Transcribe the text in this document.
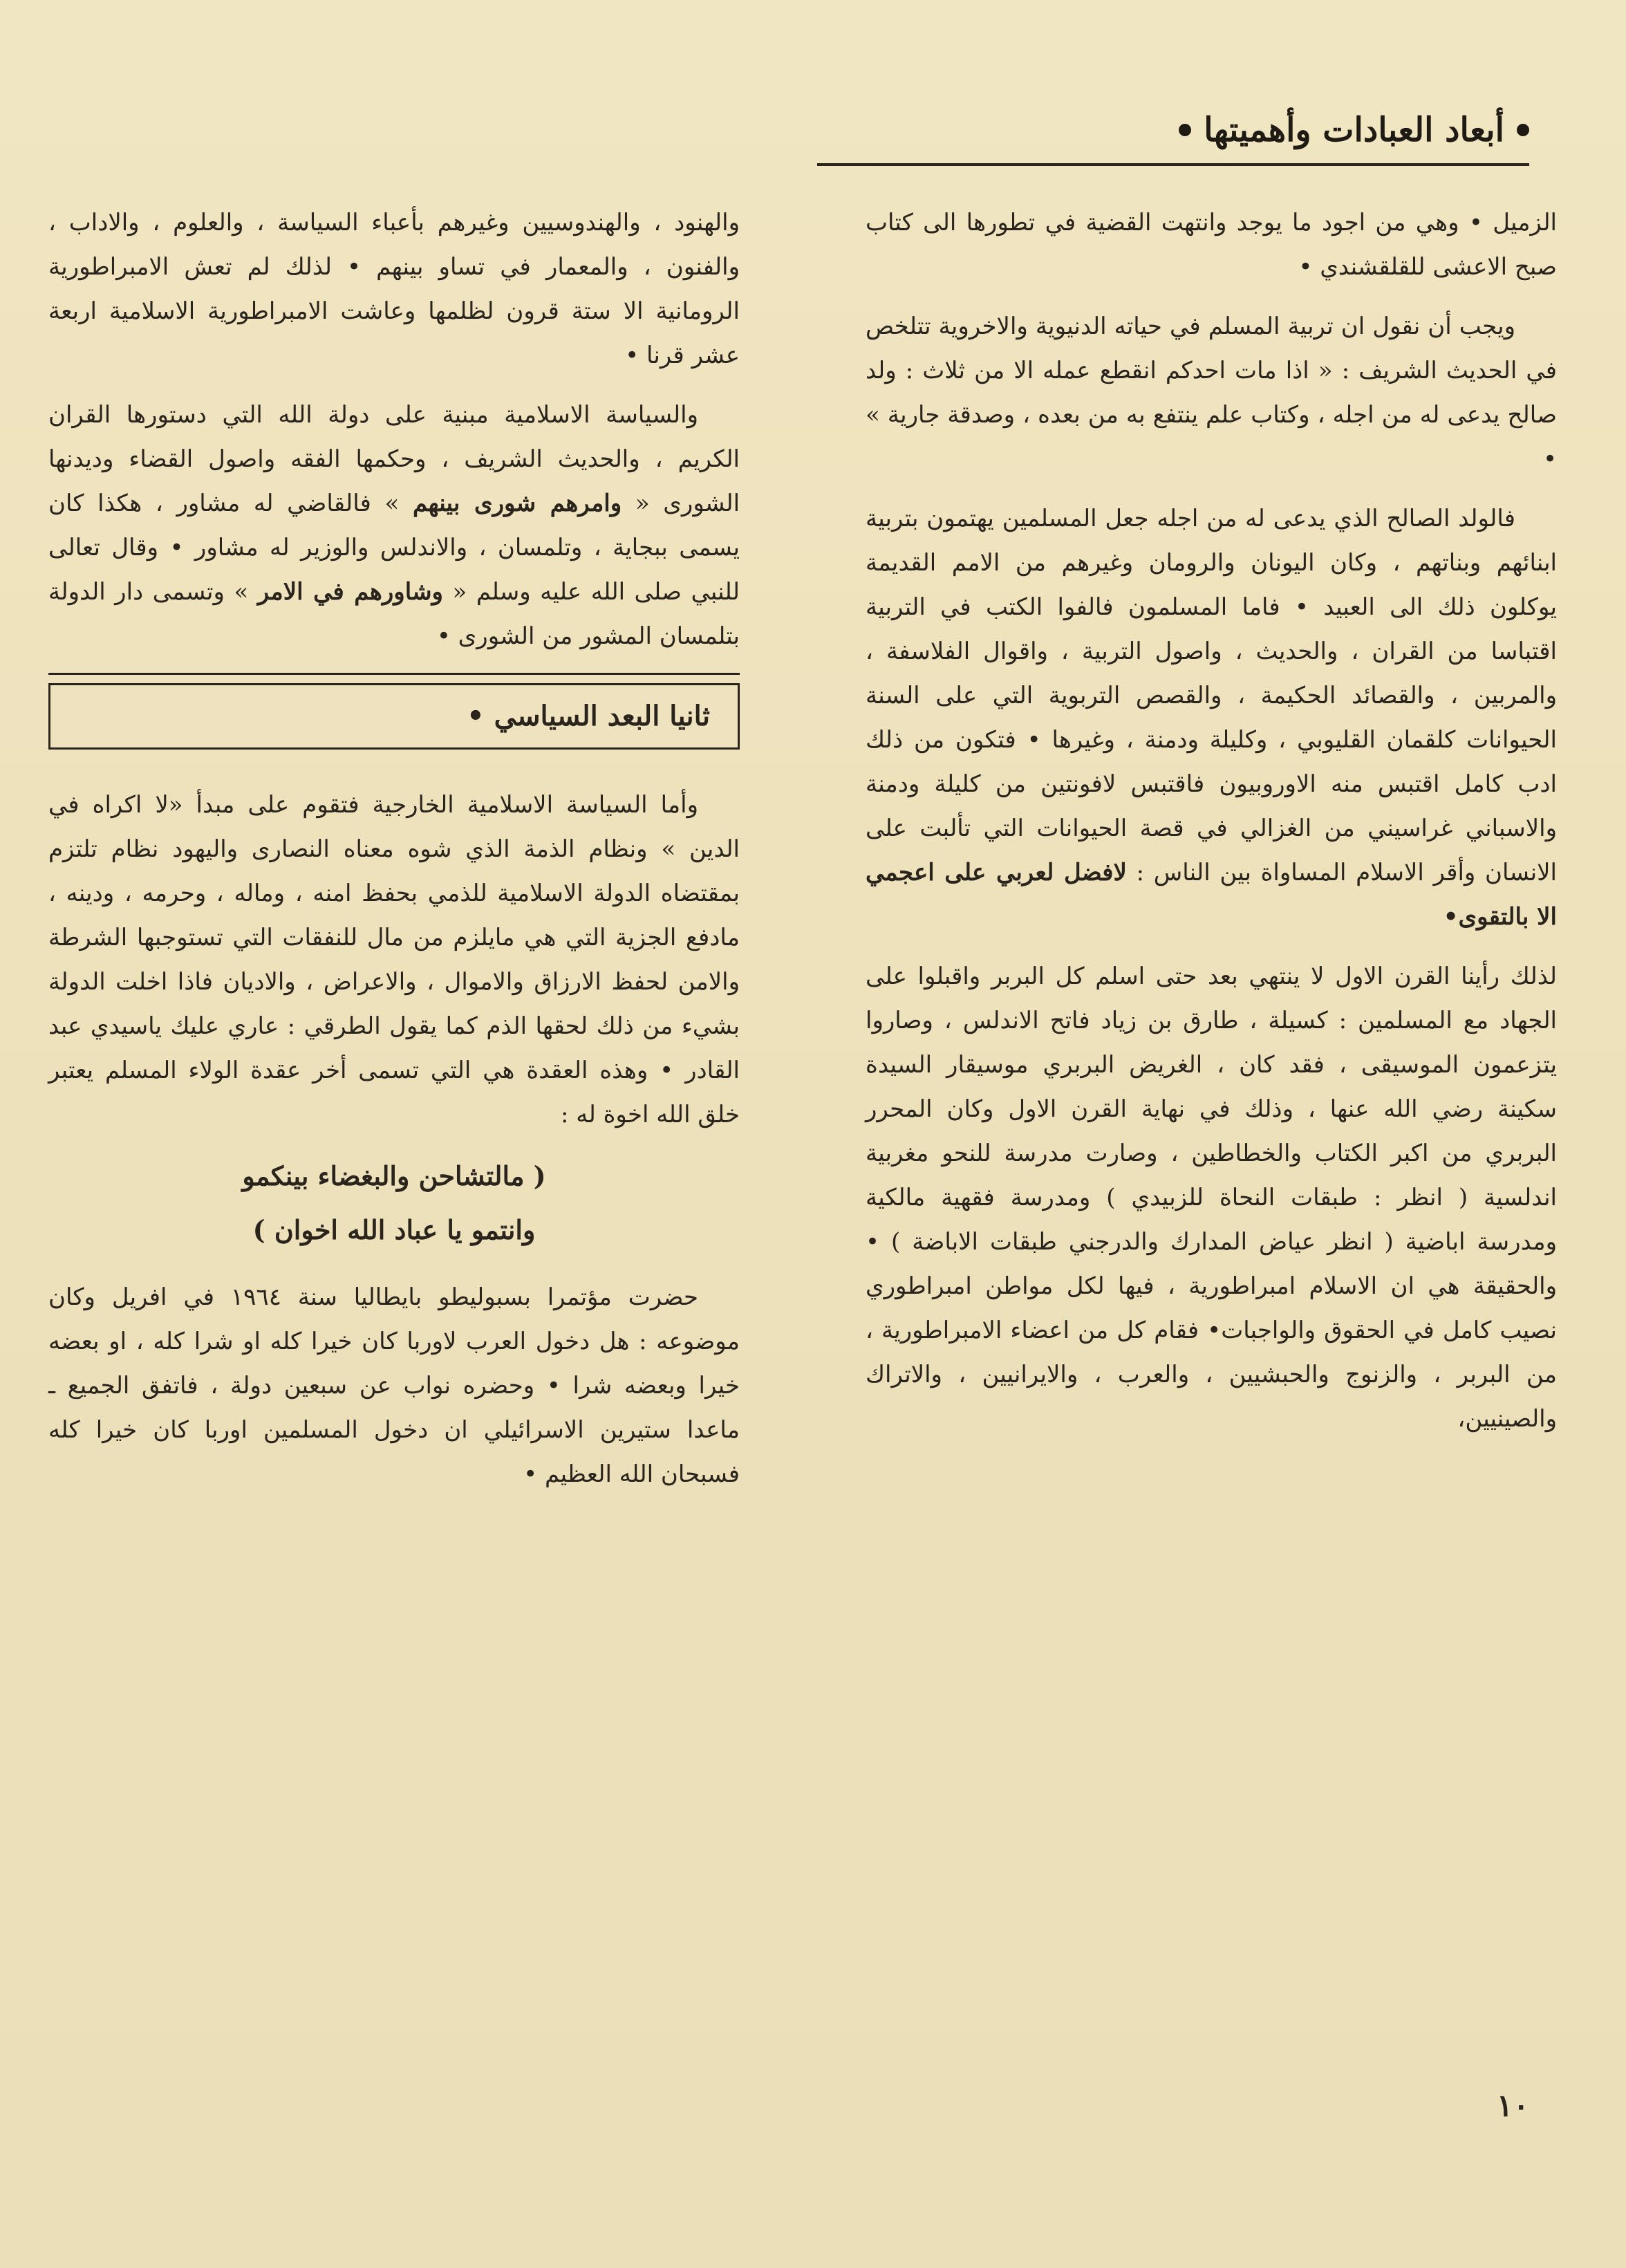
أبعاد العبادات وأهميتها

الزميل • وهي من اجود ما يوجد وانتهت القضية في تطورها الى كتاب صبح الاعشى للقلقشندي •

ويجب أن نقول ان تربية المسلم في حياته الدنيوية والاخروية تتلخص في الحديث الشريف : « اذا مات احدكم انقطع عمله الا من ثلاث : ولد صالح يدعى له من اجله ، وكتاب علم ينتفع به من بعده ، وصدقة جارية » •

فالولد الصالح الذي يدعى له من اجله جعل المسلمين يهتمون بتربية ابنائهم وبناتهم ، وكان اليونان والرومان وغيرهم من الامم القديمة يوكلون ذلك الى العبيد • فاما المسلمون فالفوا الكتب في التربية اقتباسا من القران ، والحديث ، واصول التربية ، واقوال الفلاسفة ، والمربين ، والقصائد الحكيمة ، والقصص التربوية التي على السنة الحيوانات كلقمان القليوبي ، وكليلة ودمنة ، وغيرها • فتكون من ذلك ادب كامل اقتبس منه الاوروبيون فاقتبس لافونتين من كليلة ودمنة والاسباني غراسيني من الغزالي في قصة الحيوانات التي تألبت على الانسان وأقر الاسلام المساواة بين الناس : لافضل لعربي على اعجمي الا بالتقوى•

لذلك رأينا القرن الاول لا ينتهي بعد حتى اسلم كل البربر واقبلوا على الجهاد مع المسلمين : كسيلة ، طارق بن زياد فاتح الاندلس ، وصاروا يتزعمون الموسيقى ، فقد كان ، الغريض البربري موسيقار السيدة سكينة رضي الله عنها ، وذلك في نهاية القرن الاول وكان المحرر البربري من اكبر الكتاب والخطاطين ، وصارت مدرسة للنحو مغربية اندلسية ( انظر : طبقات النحاة للزبيدي ) ومدرسة فقهية مالكية ومدرسة اباضية ( انظر عياض المدارك والدرجني طبقات الاباضة ) • والحقيقة هي ان الاسلام امبراطورية ، فيها لكل مواطن امبراطوري نصيب كامل في الحقوق والواجبات• فقام كل من اعضاء الامبراطورية ، من البربر ، والزنوج والحبشيين ، والعرب ، والايرانيين ، والاتراك والصينيين،

والهنود ، والهندوسيين وغيرهم بأعباء السياسة ، والعلوم ، والاداب ، والفنون ، والمعمار في تساو بينهم • لذلك لم تعش الامبراطورية الرومانية الا ستة قرون لظلمها وعاشت الامبراطورية الاسلامية اربعة عشر قرنا •

والسياسة الاسلامية مبنية على دولة الله التي دستورها القران الكريم ، والحديث الشريف ، وحكمها الفقه واصول القضاء وديدنها الشورى « وامرهم شورى بينهم » فالقاضي له مشاور ، هكذا كان يسمى ببجاية ، وتلمسان ، والاندلس والوزير له مشاور • وقال تعالى للنبي صلى الله عليه وسلم « وشاورهم في الامر » وتسمى دار الدولة بتلمسان المشور من الشورى •

ثانيا البعد السياسي •

وأما السياسة الاسلامية الخارجية فتقوم على مبدأ «لا اكراه في الدين » ونظام الذمة الذي شوه معناه النصارى واليهود نظام تلتزم بمقتضاه الدولة الاسلامية للذمي بحفظ امنه ، وماله ، وحرمه ، ودينه ، مادفع الجزية التي هي مايلزم من مال للنفقات التي تستوجبها الشرطة والامن لحفظ الارزاق والاموال ، والاعراض ، والاديان فاذا اخلت الدولة بشيء من ذلك لحقها الذم كما يقول الطرقي : عاري عليك ياسيدي عبد القادر • وهذه العقدة هي التي تسمى أخر عقدة الولاء المسلم يعتبر خلق الله اخوة له :

( مالتشاحن والبغضاء بينكمو
وانتمو يا عباد الله اخوان )

حضرت مؤتمرا بسبوليطو بايطاليا سنة ١٩٦٤ في افريل وكان موضوعه : هل دخول العرب لاوربا كان خيرا كله او شرا كله ، او بعضه خيرا وبعضه شرا • وحضره نواب عن سبعين دولة ، فاتفق الجميع ـ ماعدا ستيرين الاسرائيلي ان دخول المسلمين اوربا كان خيرا كله فسبحان الله العظيم •

١٠
